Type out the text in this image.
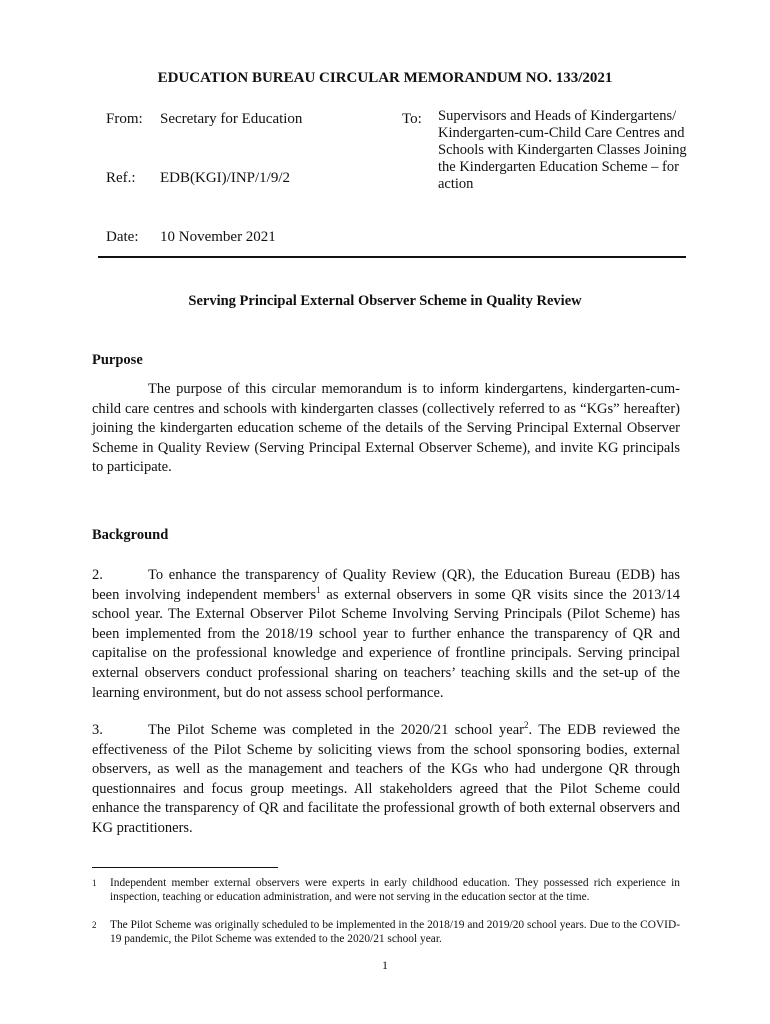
EDUCATION BUREAU CIRCULAR MEMORANDUM NO. 133/2021
From: Secretary for Education	To: Supervisors and Heads of Kindergartens/ Kindergarten-cum-Child Care Centres and Schools with Kindergarten Classes Joining the Kindergarten Education Scheme – for action
Ref.: EDB(KGI)/INP/1/9/2
Date: 10 November 2021
Serving Principal External Observer Scheme in Quality Review
Purpose
The purpose of this circular memorandum is to inform kindergartens, kindergarten-cum-child care centres and schools with kindergarten classes (collectively referred to as “KGs” hereafter) joining the kindergarten education scheme of the details of the Serving Principal External Observer Scheme in Quality Review (Serving Principal External Observer Scheme), and invite KG principals to participate.
Background
2.	To enhance the transparency of Quality Review (QR), the Education Bureau (EDB) has been involving independent members$^1$ as external observers in some QR visits since the 2013/14 school year. The External Observer Pilot Scheme Involving Serving Principals (Pilot Scheme) has been implemented from the 2018/19 school year to further enhance the transparency of QR and capitalise on the professional knowledge and experience of frontline principals. Serving principal external observers conduct professional sharing on teachers’ teaching skills and the set-up of the learning environment, but do not assess school performance.
3.	The Pilot Scheme was completed in the 2020/21 school year$^2$. The EDB reviewed the effectiveness of the Pilot Scheme by soliciting views from the school sponsoring bodies, external observers, as well as the management and teachers of the KGs who had undergone QR through questionnaires and focus group meetings. All stakeholders agreed that the Pilot Scheme could enhance the transparency of QR and facilitate the professional growth of both external observers and KG practitioners.
1 Independent member external observers were experts in early childhood education. They possessed rich experience in inspection, teaching or education administration, and were not serving in the education sector at the time.
2 The Pilot Scheme was originally scheduled to be implemented in the 2018/19 and 2019/20 school years. Due to the COVID-19 pandemic, the Pilot Scheme was extended to the 2020/21 school year.
1
